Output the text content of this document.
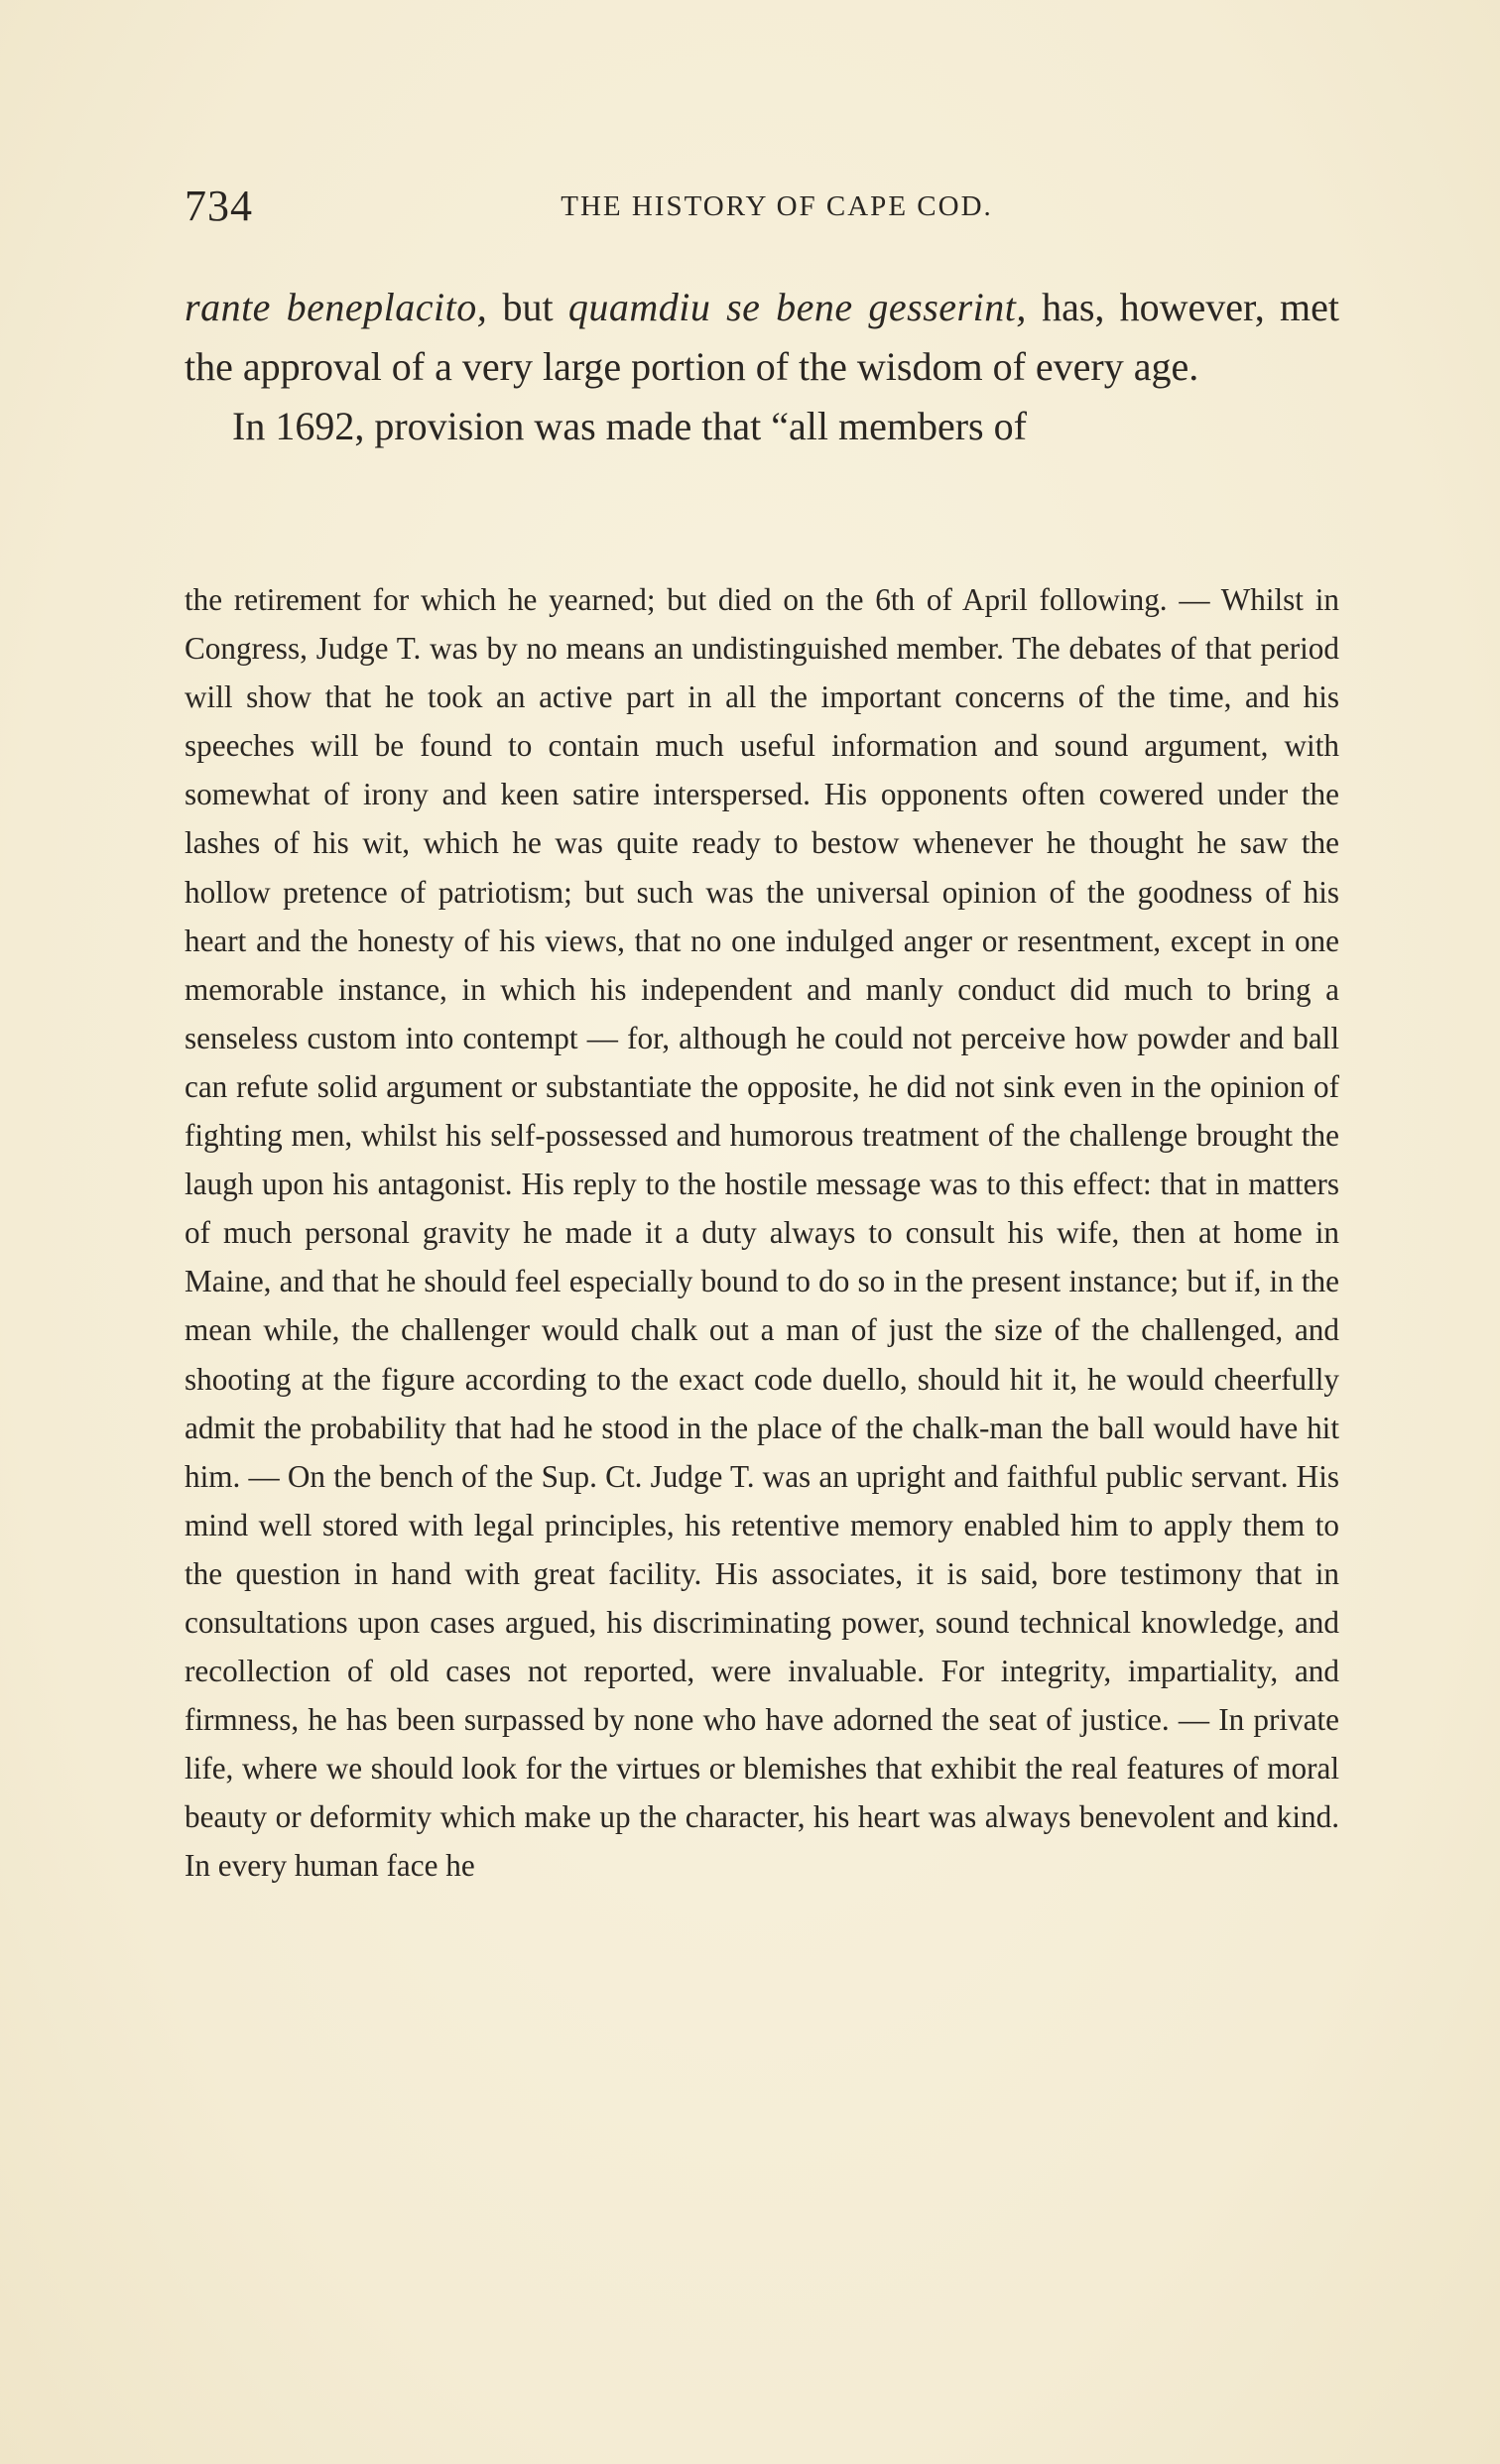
734	THE HISTORY OF CAPE COD.

rante beneplacito, but quamdiu se bene gesserint, has, however, met the approval of a very large portion of the wisdom of every age.

In 1692, provision was made that “all members of

the retirement for which he yearned; but died on the 6th of April following. — Whilst in Congress, Judge T. was by no means an undistinguished member. The debates of that period will show that he took an active part in all the important concerns of the time, and his speeches will be found to contain much useful information and sound argument, with somewhat of irony and keen satire interspersed. His opponents often cowered under the lashes of his wit, which he was quite ready to bestow whenever he thought he saw the hollow pretence of patriotism; but such was the universal opinion of the goodness of his heart and the honesty of his views, that no one indulged anger or resentment, except in one memorable instance, in which his independent and manly conduct did much to bring a senseless custom into contempt — for, although he could not perceive how powder and ball can refute solid argument or substantiate the opposite, he did not sink even in the opinion of fighting men, whilst his self-possessed and humorous treatment of the challenge brought the laugh upon his antagonist. His reply to the hostile message was to this effect: that in matters of much personal gravity he made it a duty always to consult his wife, then at home in Maine, and that he should feel especially bound to do so in the present instance; but if, in the mean while, the challenger would chalk out a man of just the size of the challenged, and shooting at the figure according to the exact code duello, should hit it, he would cheerfully admit the probability that had he stood in the place of the chalk-man the ball would have hit him. — On the bench of the Sup. Ct. Judge T. was an upright and faithful public servant. His mind well stored with legal principles, his retentive memory enabled him to apply them to the question in hand with great facility. His associates, it is said, bore testimony that in consultations upon cases argued, his discriminating power, sound technical knowledge, and recollection of old cases not reported, were invaluable. For integrity, impartiality, and firmness, he has been surpassed by none who have adorned the seat of justice. — In private life, where we should look for the virtues or blemishes that exhibit the real features of moral beauty or deformity which make up the character, his heart was always benevolent and kind. In every human face he
